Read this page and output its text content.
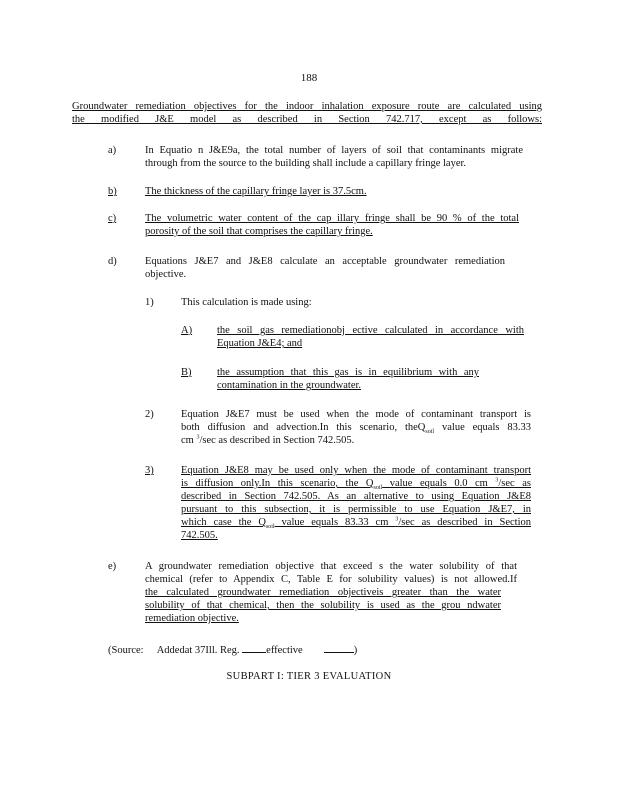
188
Groundwater remediation objectives for the indoor inhalation exposure route are calculated using
the modified J&E model as described in Section 742.717, except as follows:
a)	In Equatio n J&E9a, the total number of layers of soil that contaminants migrate
through from the source to the building shall include a capillary fringe layer.
b)	The thickness of the capillary fringe layer is 37.5cm.
c)	The volumetric water content of the cap illary fringe shall be 90 % of the total
porosity of the soil that comprises the capillary fringe.
d)	Equations J&E7 and J&E8 calculate an acceptable groundwater remediation
objective.
1)	This calculation is made using:
A)	the soil gas remediationobj ective calculated in accordance with
Equation J&E4; and
B)	the assumption that this gas is in equilibrium with any
contamination in the groundwater.
2)	Equation J&E7 must be used when the mode of contaminant transport is
both diffusion and advection.In this scenario, theQ$_{soil}$ value equals 83.33
cm $^3$/sec as described in Section 742.505.
3)	Equation J&E8 may be used only when the mode of contaminant transport
is diffusion only.In this scenario, the $Q_{soil}$ value equals 0.0 cm $^3$/sec as
described in Section 742.505. As an alternative to using Equation J&E8
pursuant to this subsection, it is permissible to use Equation J&E7, in
which case the $Q_{soil}$ value equals 83.33 cm $^3$/sec as described in Section
742.505.
e)	A groundwater remediation objective that exceed s the water solubility of that
chemical (refer to Appendix C, Table E for solubility values) is not allowed.If
the calculated groundwater remediation objectiveis greater than the water
solubility of that chemical, then the solubility is used as the grou ndwater
remediation objective.
(Source: Addedat 37Ill. Reg.	effective	)
SUBPART I: TIER 3 EVALUATION
